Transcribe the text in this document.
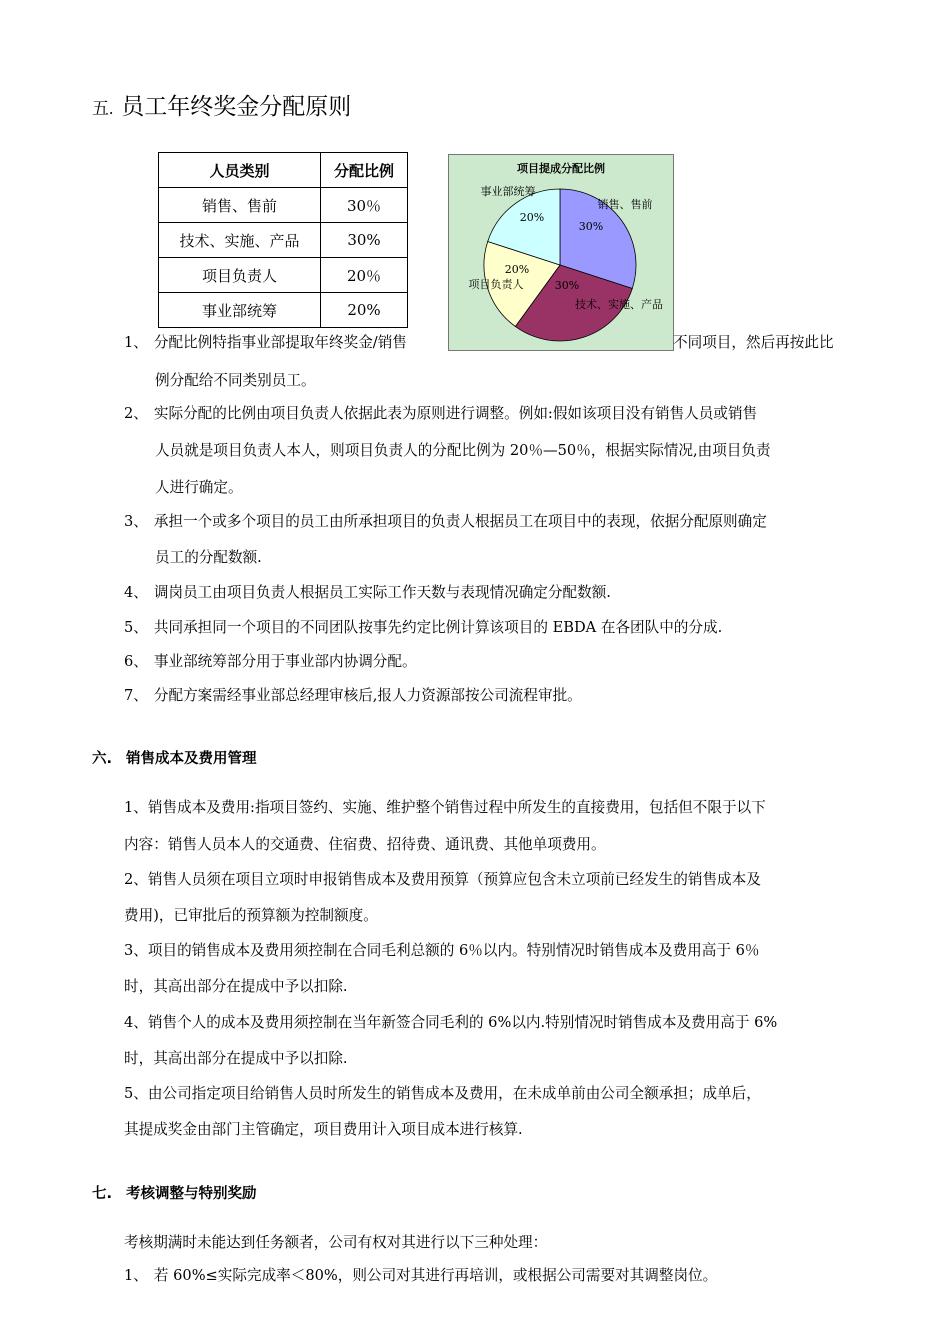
五. 员工年终奖金分配原则
人员类别	分配比例
销售、售前	30％
技术、实施、产品	30%
项目负责人	20％
事业部统筹	20%
项目提成分配比例
销售、售前
30%
技术、实施、产品
30%
项目负责人
20%
事业部统筹
20%
1、 分配比例特指事业部提取年终奖金/销售	不同项目，然后再按此比
例分配给不同类别员工。
2、 实际分配的比例由项目负责人依据此表为原则进行调整。例如:假如该项目没有销售人员或销售
人员就是项目负责人本人，则项目负责人的分配比例为 20％—50％，根据实际情况,由项目负责
人进行确定。
3、 承担一个或多个项目的员工由所承担项目的负责人根据员工在项目中的表现，依据分配原则确定
员工的分配数额.
4、 调岗员工由项目负责人根据员工实际工作天数与表现情况确定分配数额.
5、 共同承担同一个项目的不同团队按事先约定比例计算该项目的 EBDA 在各团队中的分成.
6、 事业部统筹部分用于事业部内协调分配。
7、 分配方案需经事业部总经理审核后,报人力资源部按公司流程审批。
六. 销售成本及费用管理
1、销售成本及费用:指项目签约、实施、维护整个销售过程中所发生的直接费用，包括但不限于以下
内容：销售人员本人的交通费、住宿费、招待费、通讯费、其他单项费用。
2、销售人员须在项目立项时申报销售成本及费用预算（预算应包含未立项前已经发生的销售成本及
费用)，已审批后的预算额为控制额度。
3、项目的销售成本及费用须控制在合同毛利总额的 6％以内。特别情况时销售成本及费用高于 6％
时，其高出部分在提成中予以扣除.
4、销售个人的成本及费用须控制在当年新签合同毛利的 6%以内.特别情况时销售成本及费用高于 6%
时，其高出部分在提成中予以扣除.
5、由公司指定项目给销售人员时所发生的销售成本及费用，在未成单前由公司全额承担；成单后，
其提成奖金由部门主管确定，项目费用计入项目成本进行核算.
七. 考核调整与特别奖励
考核期满时未能达到任务额者，公司有权对其进行以下三种处理：
1、 若 60%≤实际完成率＜80%，则公司对其进行再培训，或根据公司需要对其调整岗位。
